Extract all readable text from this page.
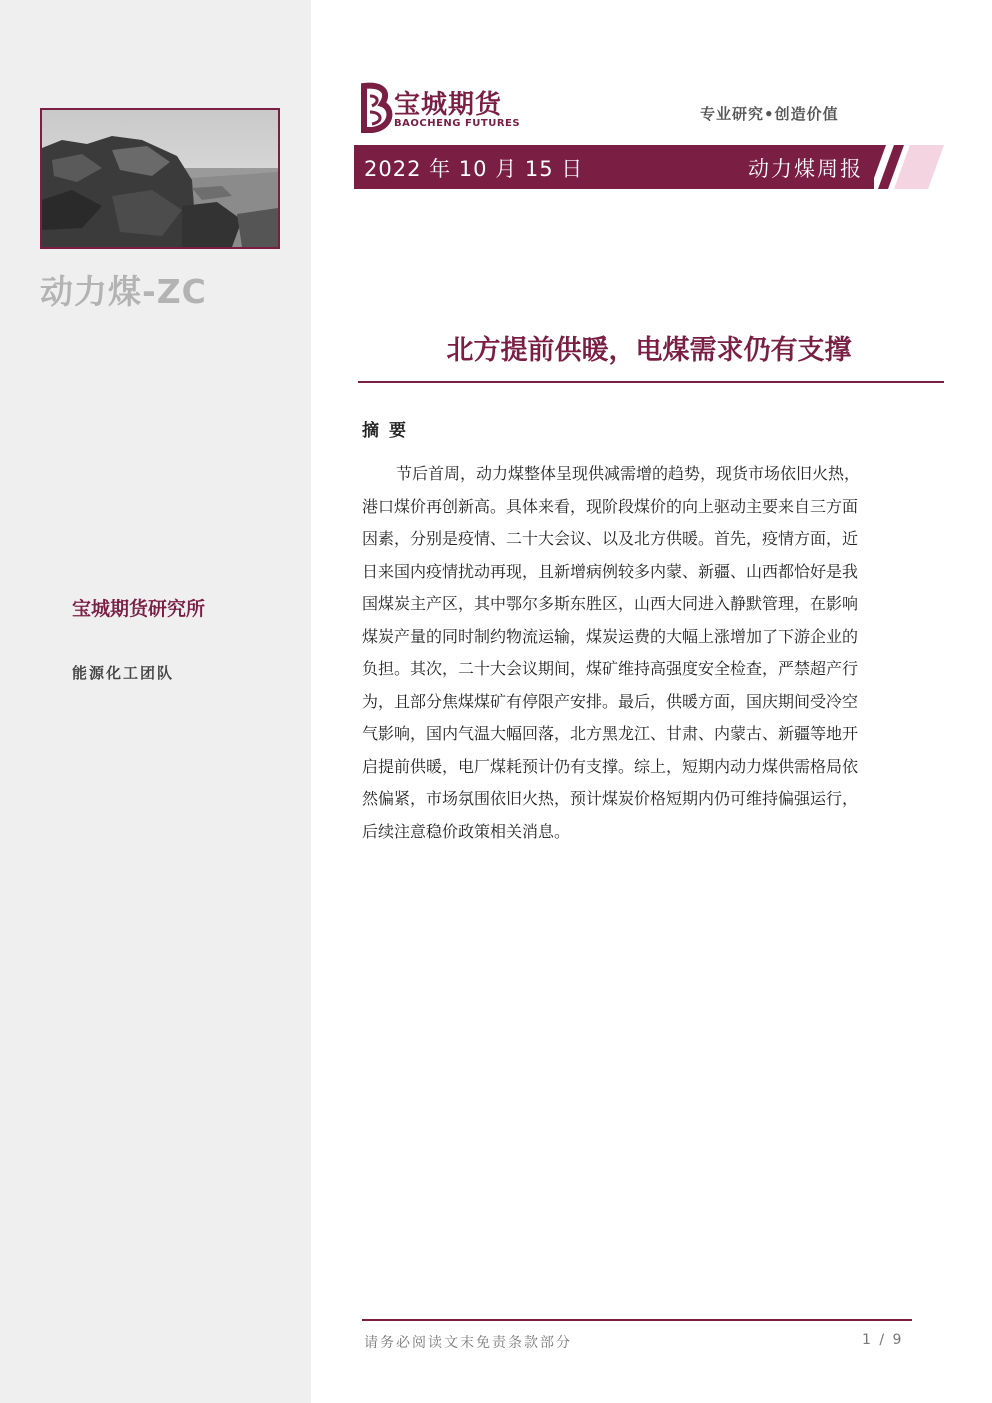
动力煤-ZC
宝城期货研究所
能源化工团队
宝城期货
BAOCHENG FUTURES
专业研究•创造价值
2022 年 10 月 15 日	动力煤周报
北方提前供暖，电煤需求仍有支撑
摘要
节后首周，动力煤整体呈现供减需增的趋势，现货市场依旧火热，
港口煤价再创新高。具体来看，现阶段煤价的向上驱动主要来自三方面
因素，分别是疫情、二十大会议、以及北方供暖。首先，疫情方面，近
日来国内疫情扰动再现，且新增病例较多内蒙、新疆、山西都恰好是我
国煤炭主产区，其中鄂尔多斯东胜区，山西大同进入静默管理，在影响
煤炭产量的同时制约物流运输，煤炭运费的大幅上涨增加了下游企业的
负担。其次，二十大会议期间，煤矿维持高强度安全检查，严禁超产行
为，且部分焦煤煤矿有停限产安排。最后，供暖方面，国庆期间受冷空
气影响，国内气温大幅回落，北方黑龙江、甘肃、内蒙古、新疆等地开
启提前供暖，电厂煤耗预计仍有支撑。综上，短期内动力煤供需格局依
然偏紧，市场氛围依旧火热，预计煤炭价格短期内仍可维持偏强运行，
后续注意稳价政策相关消息。
请务必阅读文末免责条款部分	1 / 9
